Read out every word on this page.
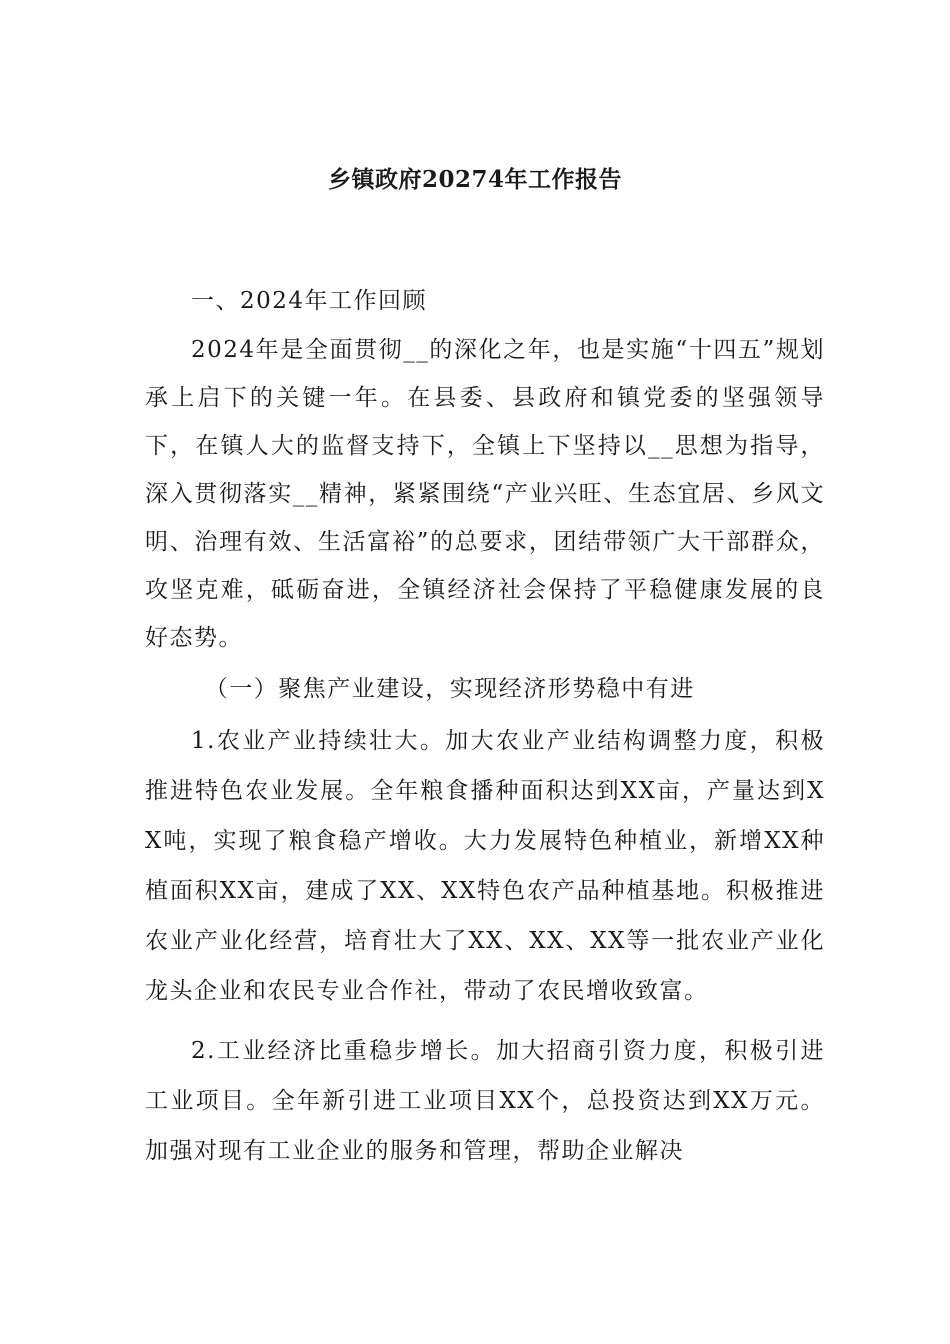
乡镇政府20274年工作报告

一、2024年工作回顾

2024年是全面贯彻__的深化之年，也是实施“十四五”规划承上启下的关键一年。在县委、县政府和镇党委的坚强领导下，在镇人大的监督支持下，全镇上下坚持以__思想为指导，深入贯彻落实__精神，紧紧围绕“产业兴旺、生态宜居、乡风文明、治理有效、生活富裕”的总要求，团结带领广大干部群众，攻坚克难，砥砺奋进，全镇经济社会保持了平稳健康发展的良好态势。

（一）聚焦产业建设，实现经济形势稳中有进

1.农业产业持续壮大。加大农业产业结构调整力度，积极推进特色农业发展。全年粮食播种面积达到XX亩，产量达到XX吨，实现了粮食稳产增收。大力发展特色种植业，新增XX种植面积XX亩，建成了XX、XX特色农产品种植基地。积极推进农业产业化经营，培育壮大了XX、XX、XX等一批农业产业化龙头企业和农民专业合作社，带动了农民增收致富。

2.工业经济比重稳步增长。加大招商引资力度，积极引进工业项目。全年新引进工业项目XX个，总投资达到XX万元。加强对现有工业企业的服务和管理，帮助企业解决
